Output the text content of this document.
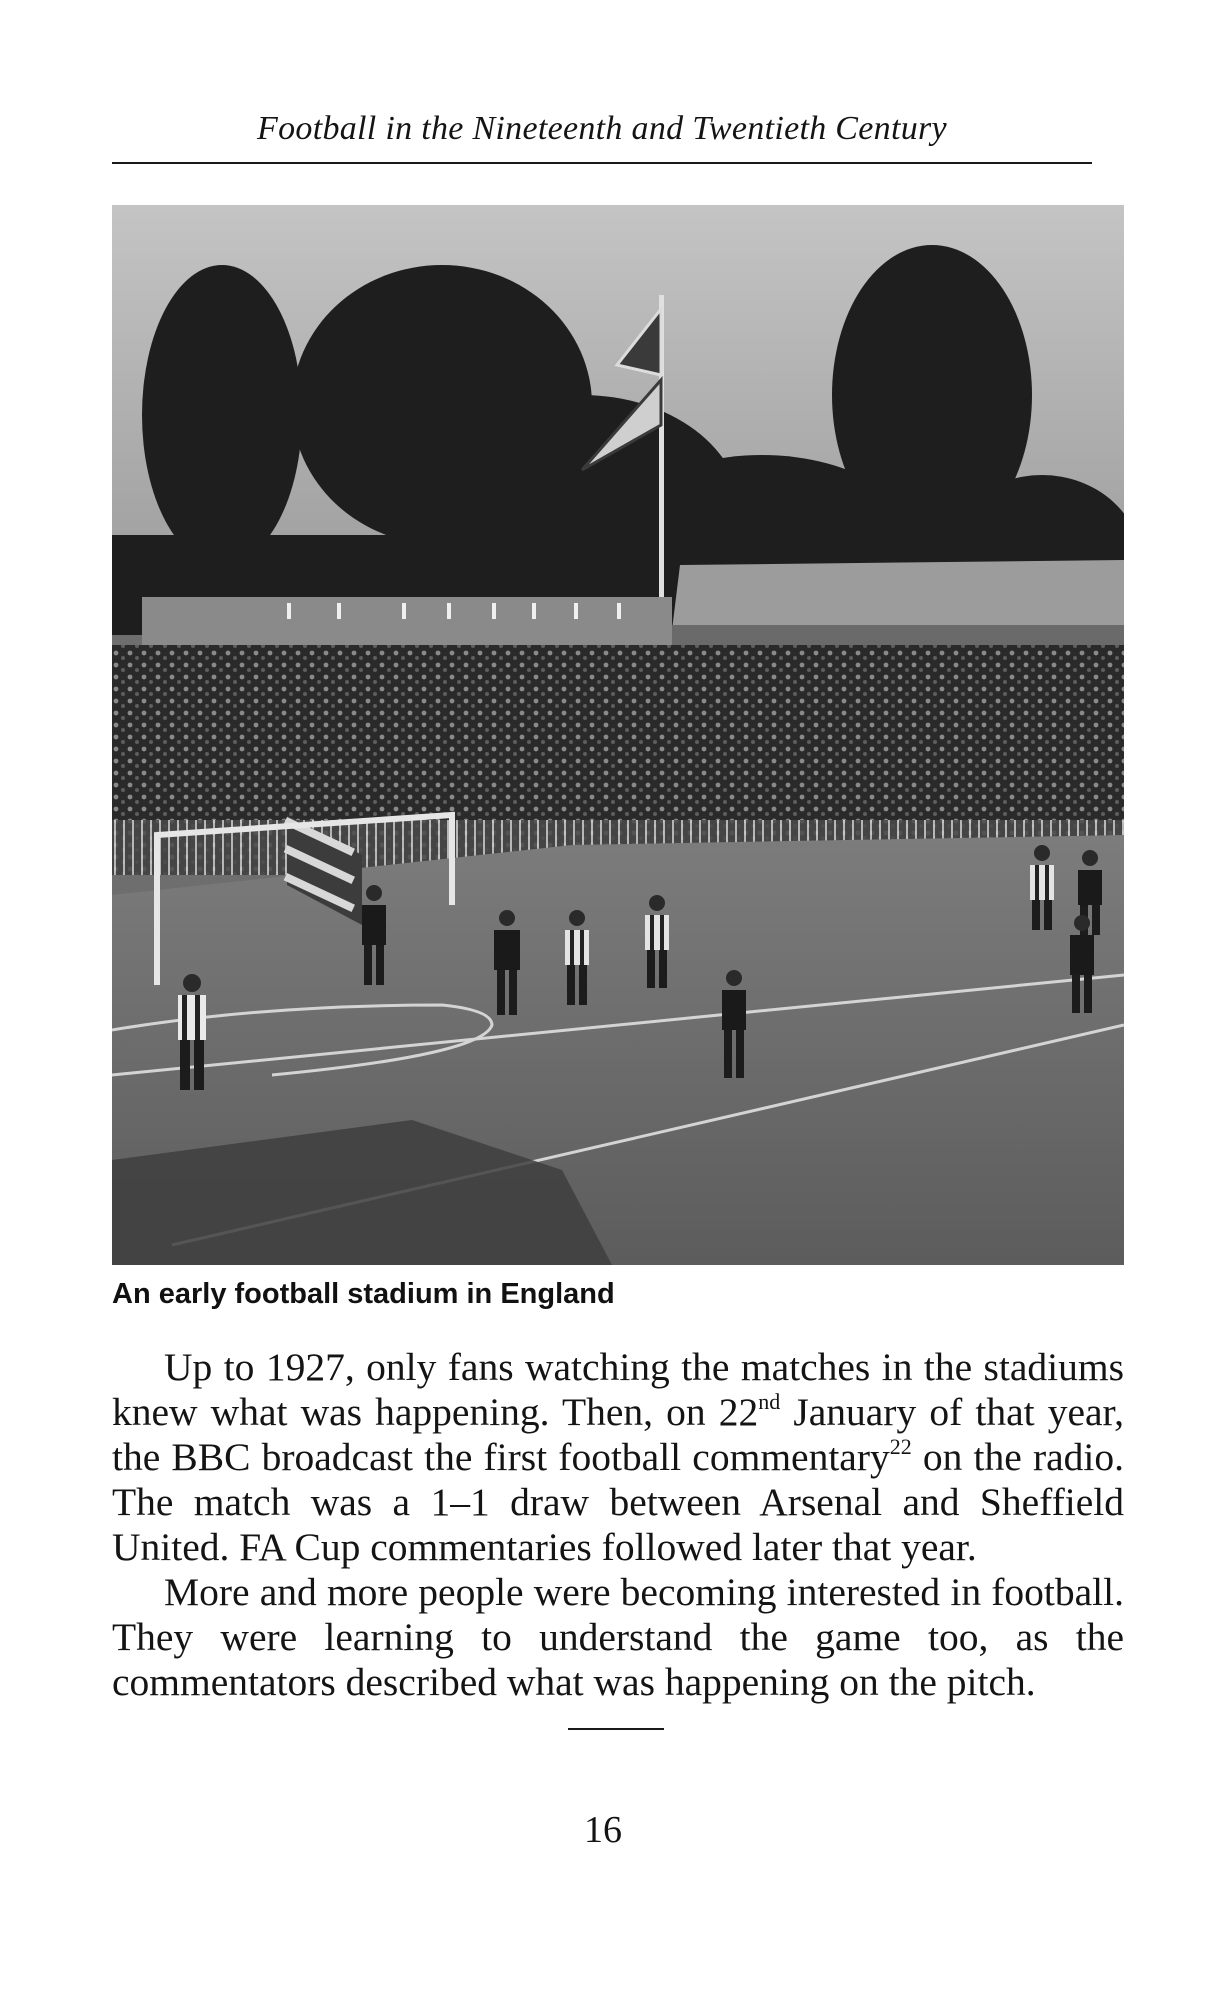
Football in the Nineteenth and Twentieth Century
An early football stadium in England

Up to 1927, only fans watching the matches in the stadiums knew what was happening. Then, on 22nd January of that year, the BBC broadcast the first football commentary$^{22}$ on the radio. The match was a 1–1 draw between Arsenal and Sheffield United. FA Cup commentaries followed later that year.

More and more people were becoming interested in football. They were learning to understand the game too, as the commentators described what was happening on the pitch.

16
